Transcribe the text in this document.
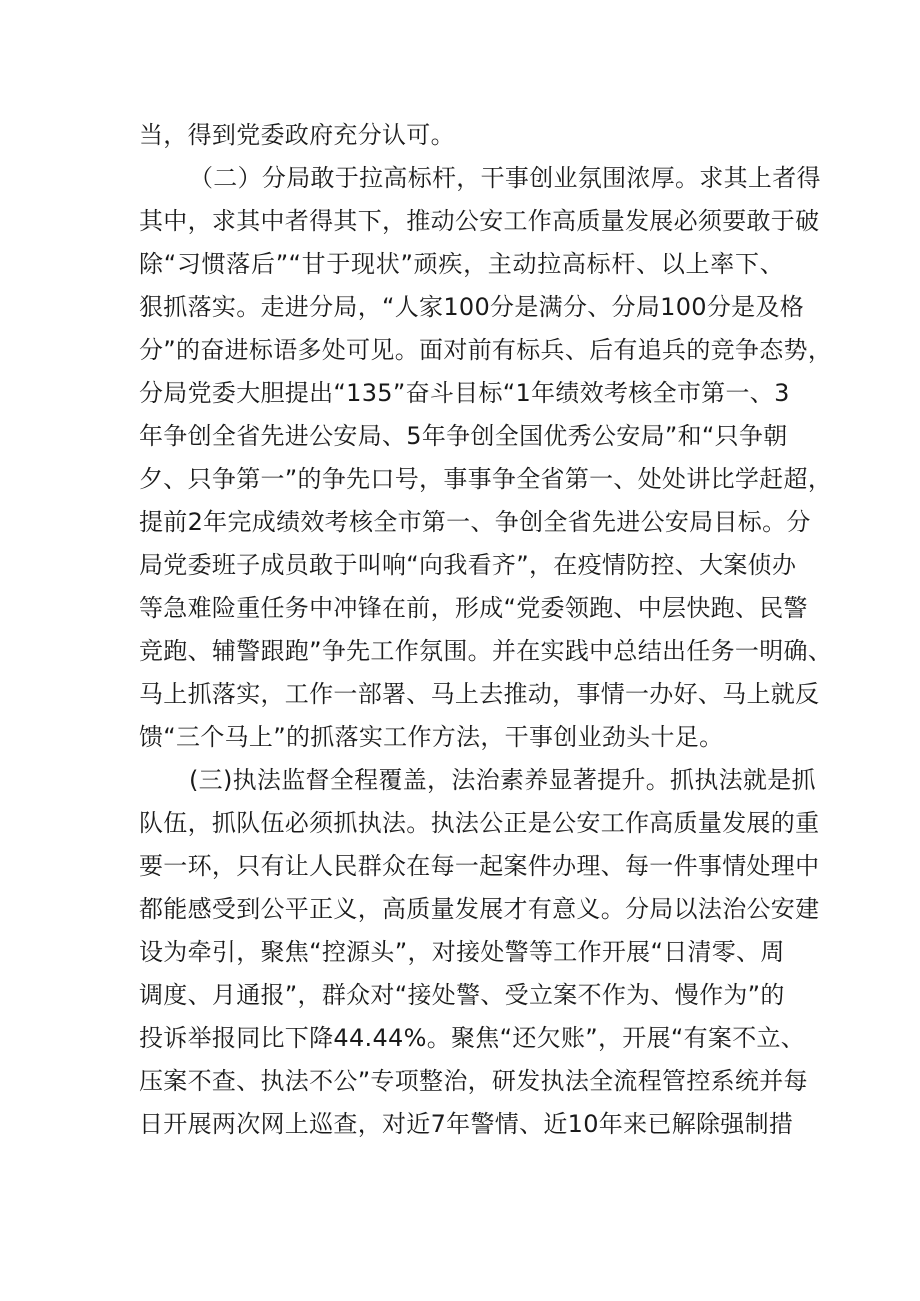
当，得到党委政府充分认可。
（二）分局敢于拉高标杆，干事创业氛围浓厚。求其上者得
其中，求其中者得其下，推动公安工作高质量发展必须要敢于破
除“习惯落后”“甘于现状”顽疾，主动拉高标杆、以上率下、
狠抓落实。走进分局，“人家100分是满分、分局100分是及格
分”的奋进标语多处可见。面对前有标兵、后有追兵的竞争态势，
分局党委大胆提出“135”奋斗目标“1年绩效考核全市第一、3
年争创全省先进公安局、5年争创全国优秀公安局”和“只争朝
夕、只争第一”的争先口号，事事争全省第一、处处讲比学赶超，
提前2年完成绩效考核全市第一、争创全省先进公安局目标。分
局党委班子成员敢于叫响“向我看齐”，在疫情防控、大案侦办
等急难险重任务中冲锋在前，形成“党委领跑、中层快跑、民警
竞跑、辅警跟跑”争先工作氛围。并在实践中总结出任务一明确、
马上抓落实，工作一部署、马上去推动，事情一办好、马上就反
馈“三个马上”的抓落实工作方法，干事创业劲头十足。
(三)执法监督全程覆盖，法治素养显著提升。抓执法就是抓
队伍，抓队伍必须抓执法。执法公正是公安工作高质量发展的重
要一环，只有让人民群众在每一起案件办理、每一件事情处理中
都能感受到公平正义，高质量发展才有意义。分局以法治公安建
设为牵引，聚焦“控源头”，对接处警等工作开展“日清零、周
调度、月通报”，群众对“接处警、受立案不作为、慢作为”的
投诉举报同比下降44.44%。聚焦“还欠账”，开展“有案不立、
压案不查、执法不公”专项整治，研发执法全流程管控系统并每
日开展两次网上巡查，对近7年警情、近10年来已解除强制措
